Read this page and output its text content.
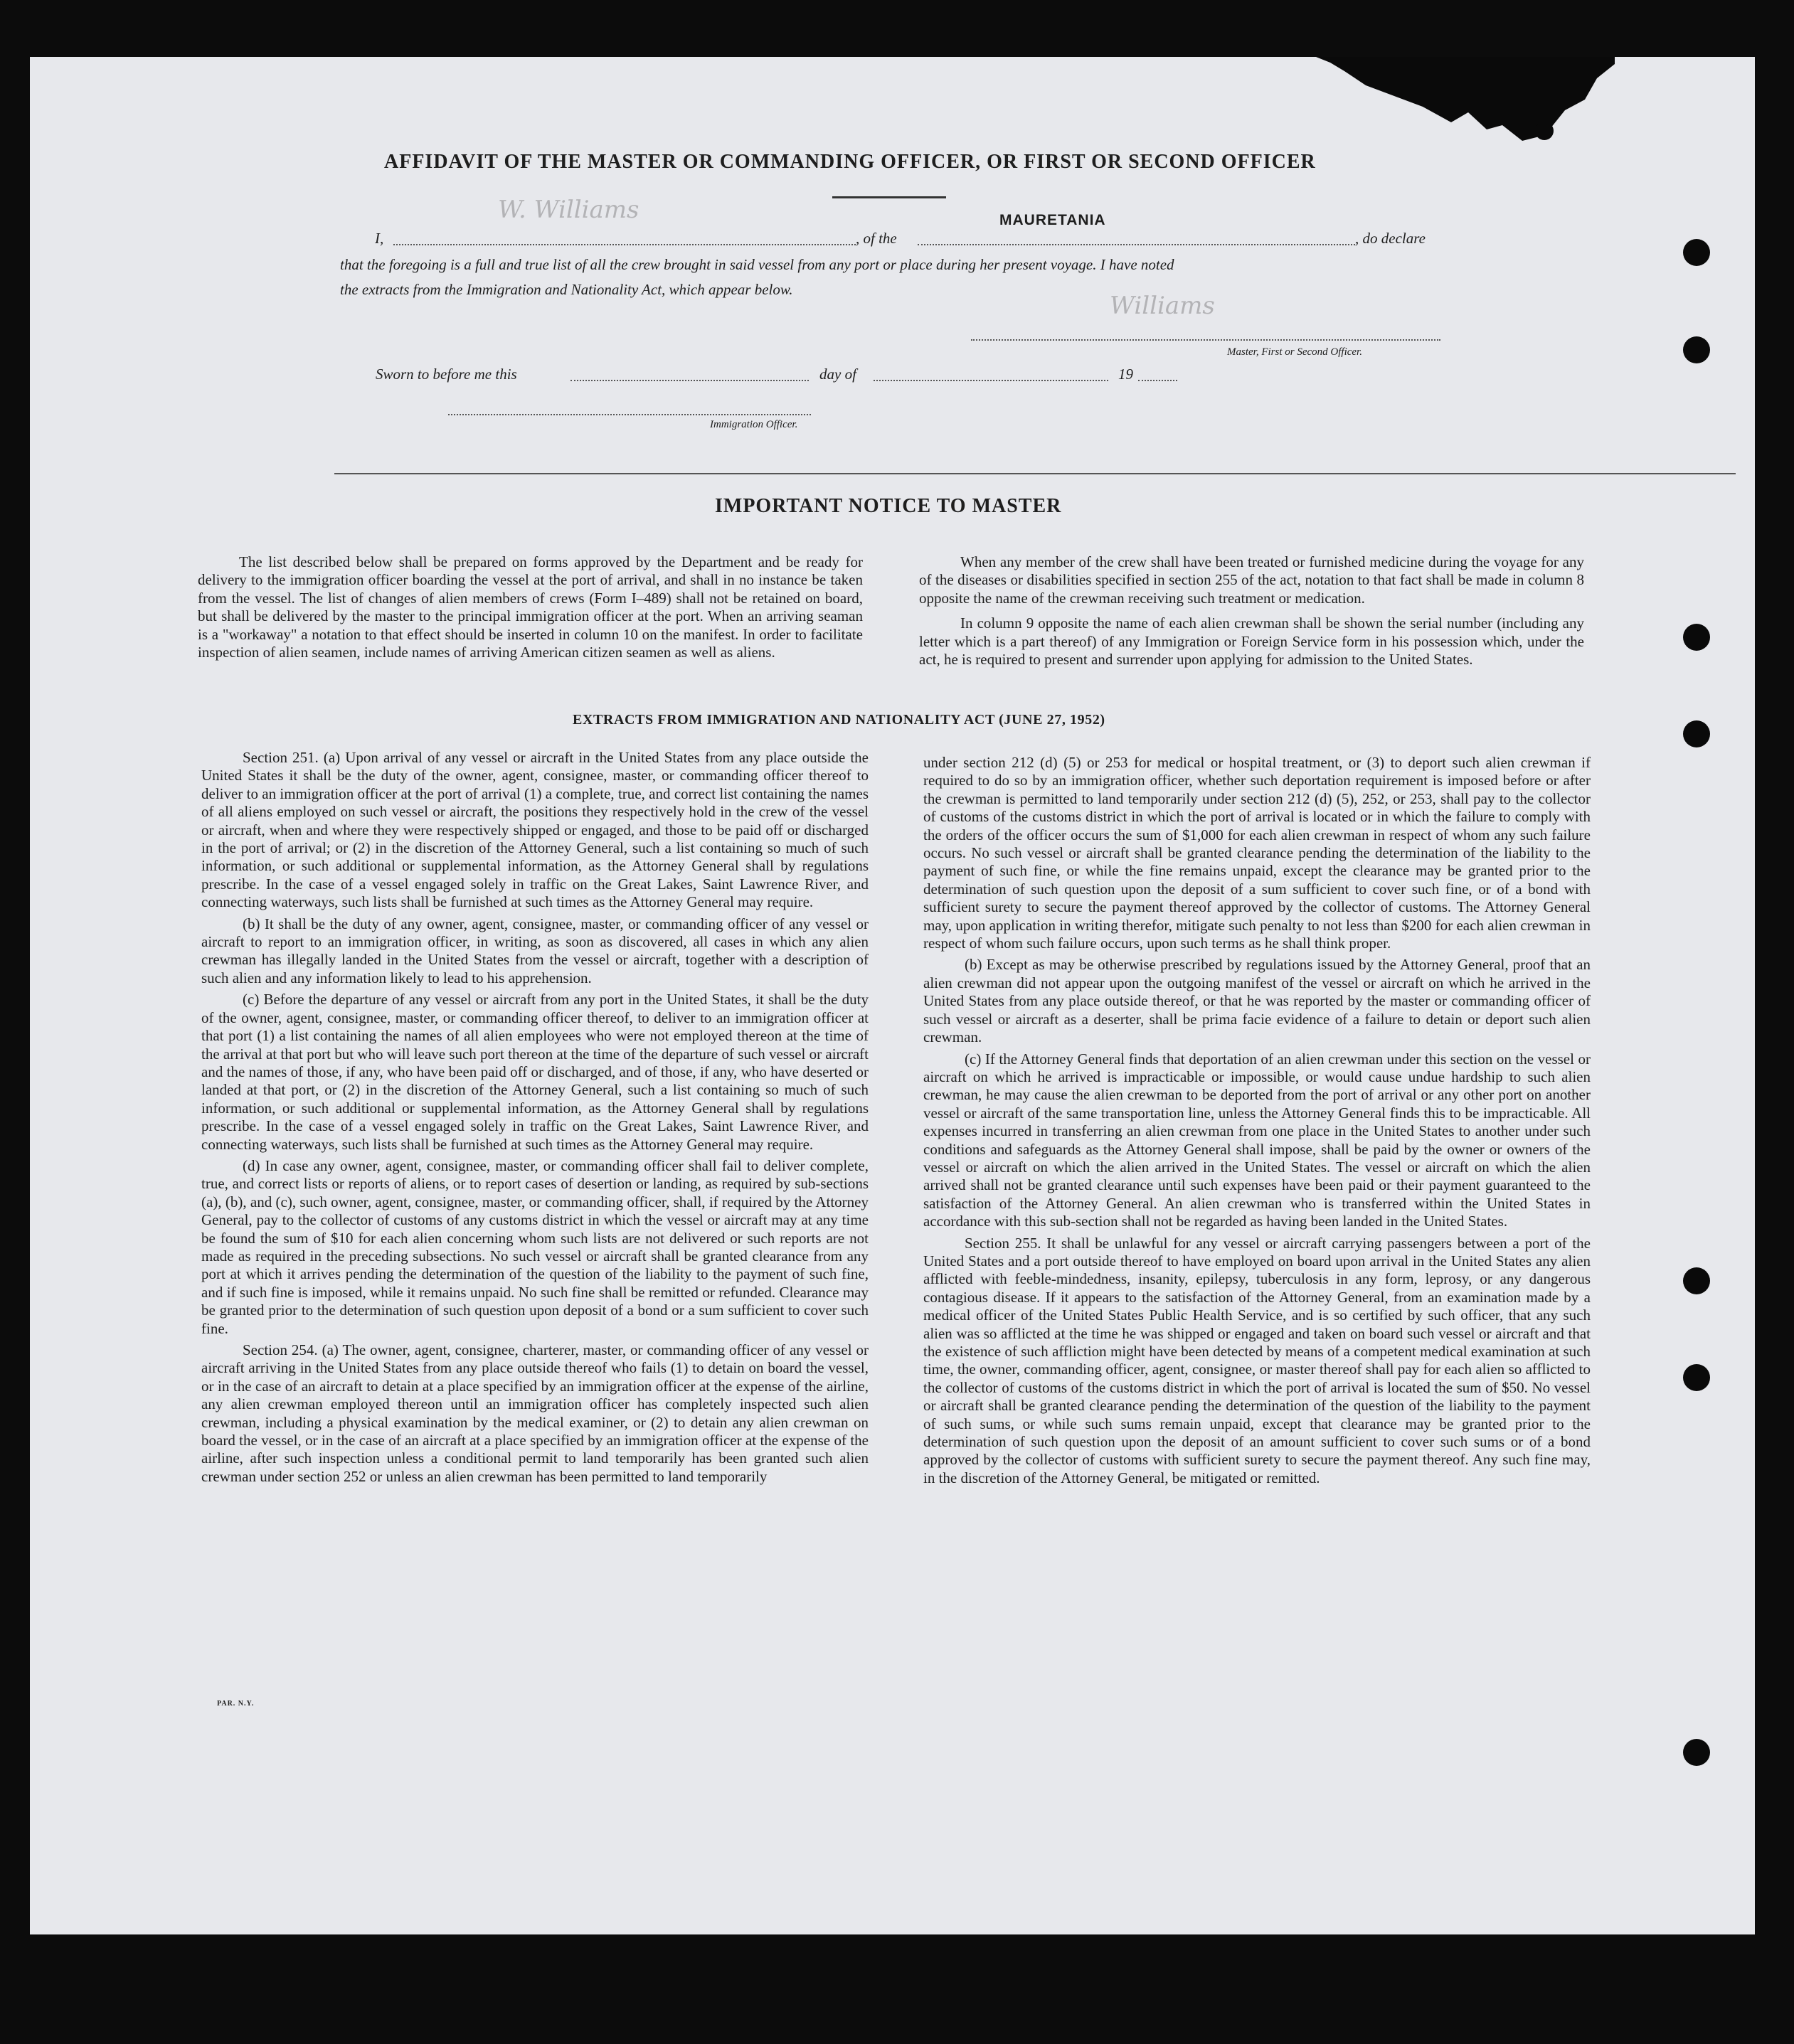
AFFIDAVIT OF THE MASTER OR COMMANDING OFFICER, OR FIRST OR SECOND OFFICER
I,
W. Williams
, of the
MAURETANIA
, do declare
that the foregoing is a full and true list of all the crew brought in said vessel from any port or place during her present voyage. I have noted
the extracts from the Immigration and Nationality Act, which appear below.
Williams
Master, First or Second Officer.
Sworn to before me this	day of	19
Immigration Officer.
IMPORTANT NOTICE TO MASTER

The list described below shall be prepared on forms approved by the Department and be ready for delivery to the immigration officer boarding the vessel at the port of arrival, and shall in no instance be taken from the vessel. The list of changes of alien members of crews (Form I–489) shall not be retained on board, but shall be delivered by the master to the principal immigration officer at the port. When an arriving seaman is a "workaway" a notation to that effect should be inserted in column 10 on the manifest. In order to facilitate inspection of alien seamen, include names of arriving American citizen seamen as well as aliens.

When any member of the crew shall have been treated or furnished medicine during the voyage for any of the diseases or disabilities specified in section 255 of the act, notation to that fact shall be made in column 8 opposite the name of the crewman receiving such treatment or medication.

In column 9 opposite the name of each alien crewman shall be shown the serial number (including any letter which is a part thereof) of any Immigration or Foreign Service form in his possession which, under the act, he is required to present and surrender upon applying for admission to the United States.

EXTRACTS FROM IMMIGRATION AND NATIONALITY ACT (JUNE 27, 1952)

Section 251. (a) Upon arrival of any vessel or aircraft in the United States from any place outside the United States it shall be the duty of the owner, agent, consignee, master, or commanding officer thereof to deliver to an immigration officer at the port of arrival (1) a complete, true, and correct list containing the names of all aliens employed on such vessel or aircraft, the positions they respectively hold in the crew of the vessel or aircraft, when and where they were respectively shipped or engaged, and those to be paid off or discharged in the port of arrival; or (2) in the discretion of the Attorney General, such a list containing so much of such information, or such additional or supplemental information, as the Attorney General shall by regulations prescribe. In the case of a vessel engaged solely in traffic on the Great Lakes, Saint Lawrence River, and connecting waterways, such lists shall be furnished at such times as the Attorney General may require.

(b) It shall be the duty of any owner, agent, consignee, master, or commanding officer of any vessel or aircraft to report to an immigration officer, in writing, as soon as discovered, all cases in which any alien crewman has illegally landed in the United States from the vessel or aircraft, together with a description of such alien and any information likely to lead to his apprehension.

(c) Before the departure of any vessel or aircraft from any port in the United States, it shall be the duty of the owner, agent, consignee, master, or commanding officer thereof, to deliver to an immigration officer at that port (1) a list containing the names of all alien employees who were not employed thereon at the time of the arrival at that port but who will leave such port thereon at the time of the departure of such vessel or aircraft and the names of those, if any, who have been paid off or discharged, and of those, if any, who have deserted or landed at that port, or (2) in the discretion of the Attorney General, such a list containing so much of such information, or such additional or supplemental information, as the Attorney General shall by regulations prescribe. In the case of a vessel engaged solely in traffic on the Great Lakes, Saint Lawrence River, and connecting waterways, such lists shall be furnished at such times as the Attorney General may require.

(d) In case any owner, agent, consignee, master, or commanding officer shall fail to deliver complete, true, and correct lists or reports of aliens, or to report cases of desertion or landing, as required by sub-sections (a), (b), and (c), such owner, agent, consignee, master, or commanding officer, shall, if required by the Attorney General, pay to the collector of customs of any customs district in which the vessel or aircraft may at any time be found the sum of $10 for each alien concerning whom such lists are not delivered or such reports are not made as required in the preceding subsections. No such vessel or aircraft shall be granted clearance from any port at which it arrives pending the determination of the question of the liability to the payment of such fine, and if such fine is imposed, while it remains unpaid. No such fine shall be remitted or refunded. Clearance may be granted prior to the determination of such question upon deposit of a bond or a sum sufficient to cover such fine.

Section 254. (a) The owner, agent, consignee, charterer, master, or commanding officer of any vessel or aircraft arriving in the United States from any place outside thereof who fails (1) to detain on board the vessel, or in the case of an aircraft to detain at a place specified by an immigration officer at the expense of the airline, any alien crewman employed thereon until an immigration officer has completely inspected such alien crewman, including a physical examination by the medical examiner, or (2) to detain any alien crewman on board the vessel, or in the case of an aircraft at a place specified by an immigration officer at the expense of the airline, after such inspection unless a conditional permit to land temporarily has been granted such alien crewman under section 252 or unless an alien crewman has been permitted to land temporarily

under section 212 (d) (5) or 253 for medical or hospital treatment, or (3) to deport such alien crewman if required to do so by an immigration officer, whether such deportation requirement is imposed before or after the crewman is permitted to land temporarily under section 212 (d) (5), 252, or 253, shall pay to the collector of customs of the customs district in which the port of arrival is located or in which the failure to comply with the orders of the officer occurs the sum of $1,000 for each alien crewman in respect of whom any such failure occurs. No such vessel or aircraft shall be granted clearance pending the determination of the liability to the payment of such fine, or while the fine remains unpaid, except the clearance may be granted prior to the determination of such question upon the deposit of a sum sufficient to cover such fine, or of a bond with sufficient surety to secure the payment thereof approved by the collector of customs. The Attorney General may, upon application in writing therefor, mitigate such penalty to not less than $200 for each alien crewman in respect of whom such failure occurs, upon such terms as he shall think proper.

(b) Except as may be otherwise prescribed by regulations issued by the Attorney General, proof that an alien crewman did not appear upon the outgoing manifest of the vessel or aircraft on which he arrived in the United States from any place outside thereof, or that he was reported by the master or commanding officer of such vessel or aircraft as a deserter, shall be prima facie evidence of a failure to detain or deport such alien crewman.

(c) If the Attorney General finds that deportation of an alien crewman under this section on the vessel or aircraft on which he arrived is impracticable or impossible, or would cause undue hardship to such alien crewman, he may cause the alien crewman to be deported from the port of arrival or any other port on another vessel or aircraft of the same transportation line, unless the Attorney General finds this to be impracticable. All expenses incurred in transferring an alien crewman from one place in the United States to another under such conditions and safeguards as the Attorney General shall impose, shall be paid by the owner or owners of the vessel or aircraft on which the alien arrived in the United States. The vessel or aircraft on which the alien arrived shall not be granted clearance until such expenses have been paid or their payment guaranteed to the satisfaction of the Attorney General. An alien crewman who is transferred within the United States in accordance with this sub-section shall not be regarded as having been landed in the United States.

Section 255. It shall be unlawful for any vessel or aircraft carrying passengers between a port of the United States and a port outside thereof to have employed on board upon arrival in the United States any alien afflicted with feeble-mindedness, insanity, epilepsy, tuberculosis in any form, leprosy, or any dangerous contagious disease. If it appears to the satisfaction of the Attorney General, from an examination made by a medical officer of the United States Public Health Service, and is so certified by such officer, that any such alien was so afflicted at the time he was shipped or engaged and taken on board such vessel or aircraft and that the existence of such affliction might have been detected by means of a competent medical examination at such time, the owner, commanding officer, agent, consignee, or master thereof shall pay for each alien so afflicted to the collector of customs of the customs district in which the port of arrival is located the sum of $50. No vessel or aircraft shall be granted clearance pending the determination of the question of the liability to the payment of such sums, or while such sums remain unpaid, except that clearance may be granted prior to the determination of such question upon the deposit of an amount sufficient to cover such sums or of a bond approved by the collector of customs with sufficient surety to secure the payment thereof. Any such fine may, in the discretion of the Attorney General, be mitigated or remitted.

PAR. N.Y.
